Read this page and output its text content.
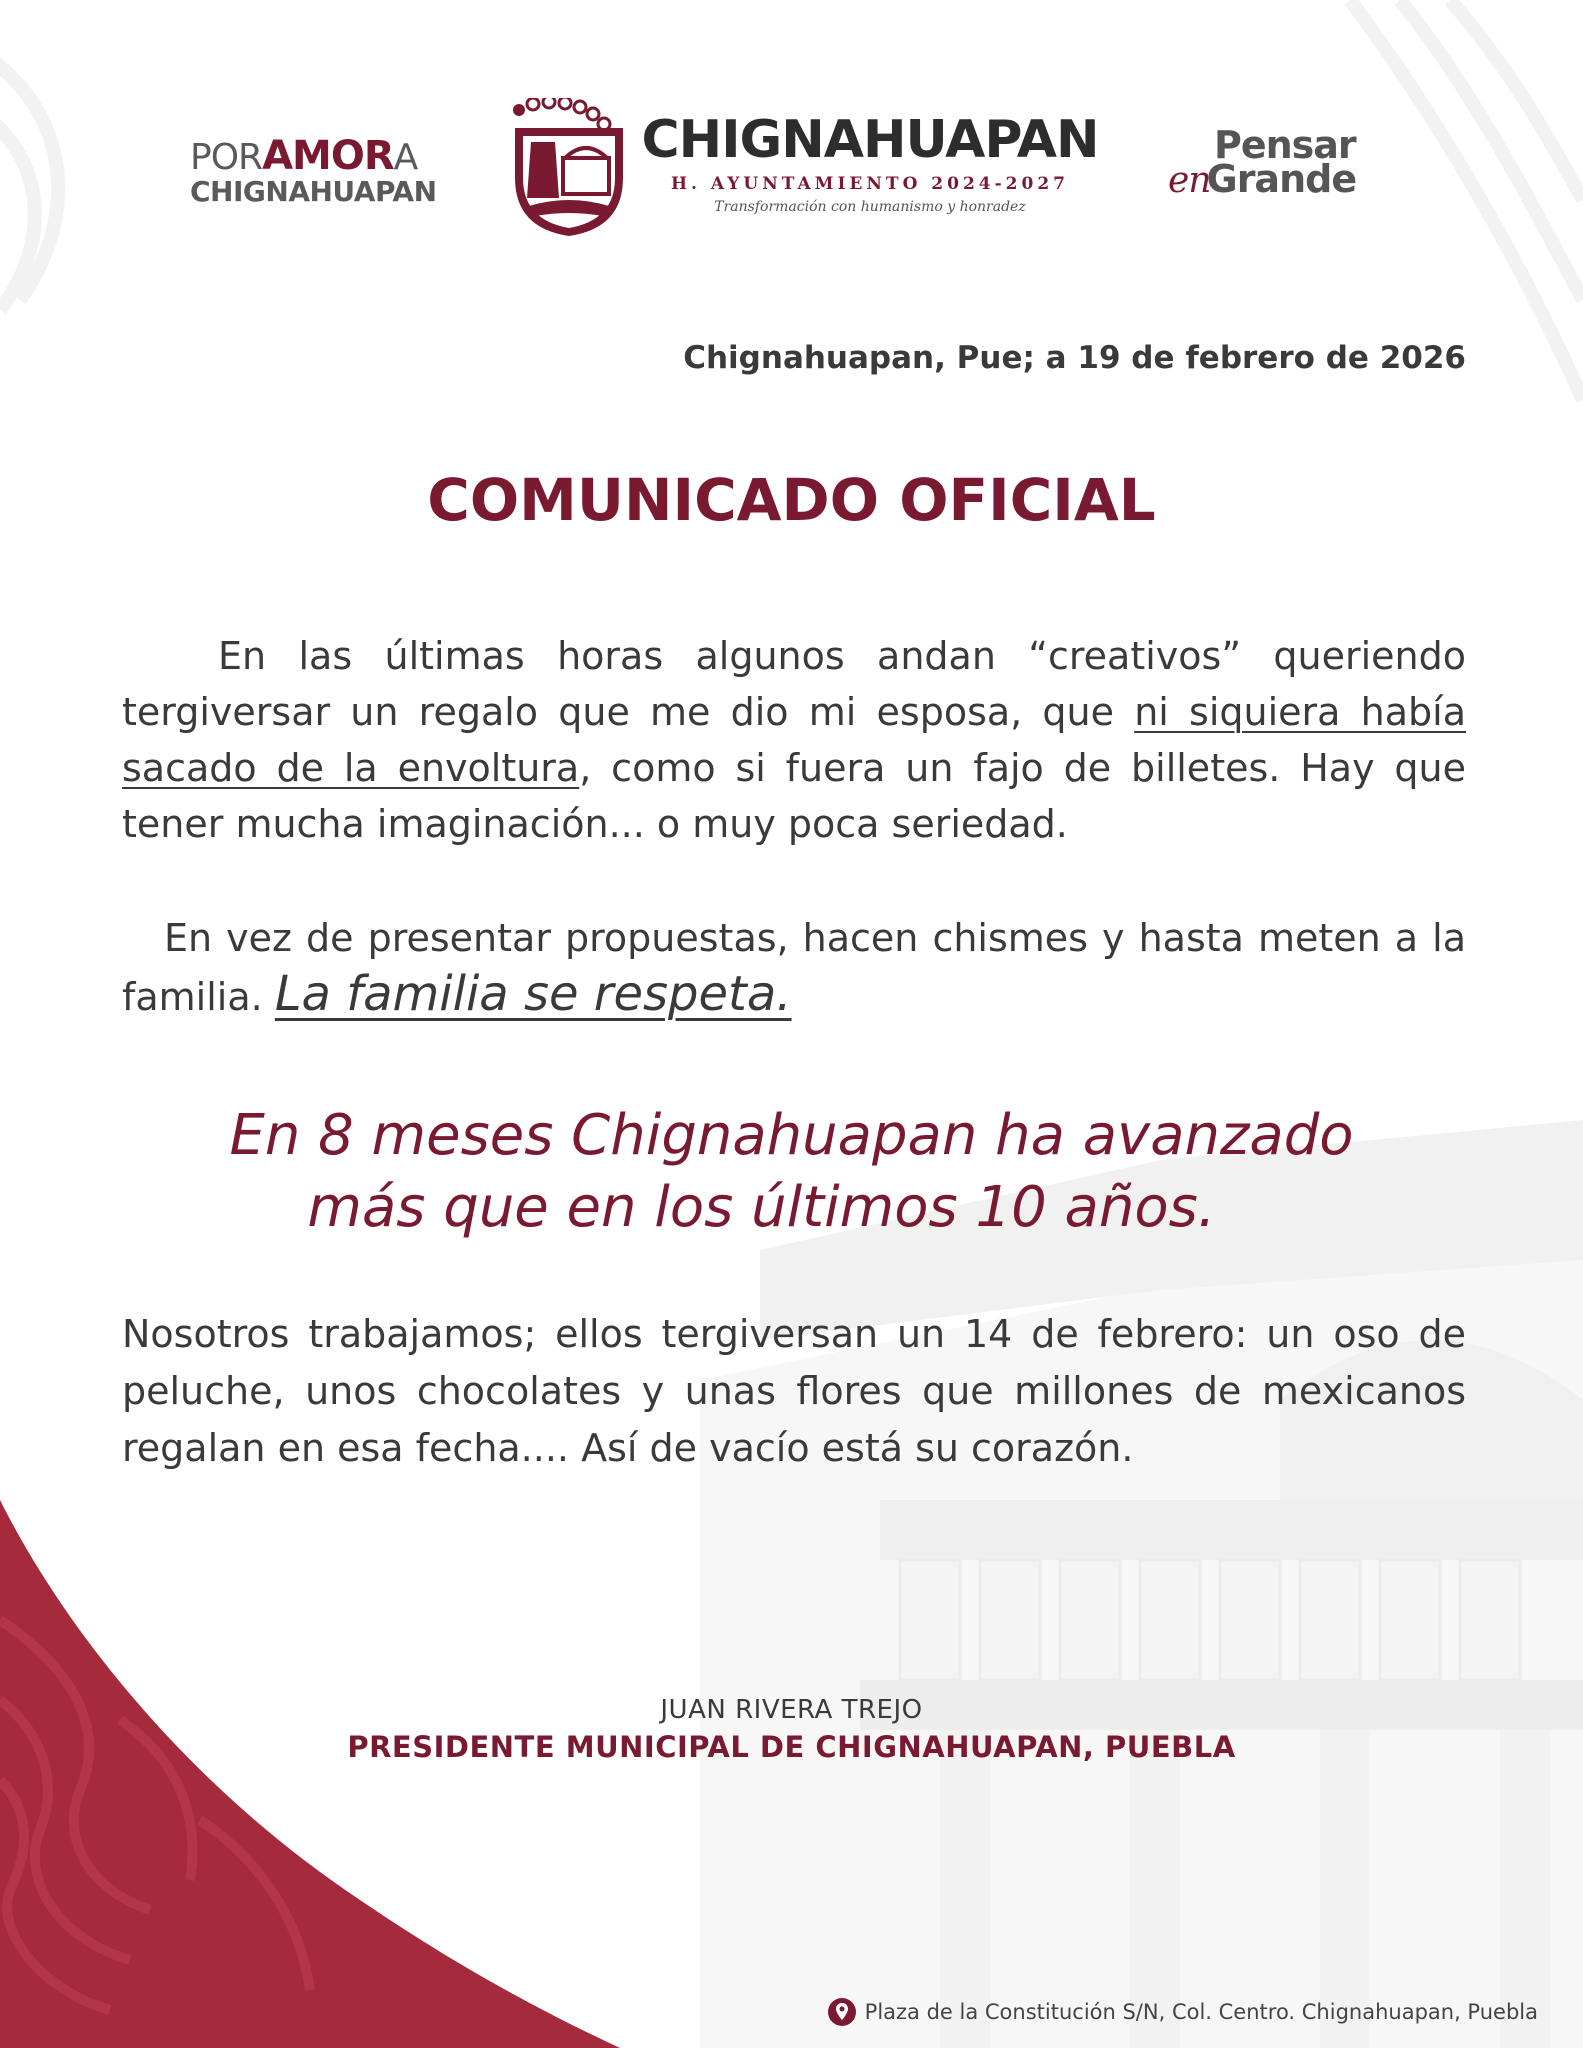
PORAMORA
CHIGNAHUAPAN
CHIGNAHUAPAN
H. AYUNTAMIENTO 2024-2027
Transformación con humanismo y honradez
Pensar
enGrande
Chignahuapan, Pue; a 19 de febrero de 2026
COMUNICADO OFICIAL
En las últimas horas algunos andan “creativos” queriendo tergiversar un regalo que me dio mi esposa, que ni siquiera había sacado de la envoltura, como si fuera un fajo de billetes. Hay que tener mucha imaginación... o muy poca seriedad.
En vez de presentar propuestas, hacen chismes y hasta meten a la familia. La familia se respeta.
En 8 meses Chignahuapan ha avanzado
más que en los últimos 10 años.
Nosotros trabajamos; ellos tergiversan un 14 de febrero: un oso de peluche, unos chocolates y unas flores que millones de mexicanos regalan en esa fecha.... Así de vacío está su corazón.
JUAN RIVERA TREJO
PRESIDENTE MUNICIPAL DE CHIGNAHUAPAN, PUEBLA
Plaza de la Constitución S/N, Col. Centro. Chignahuapan, Puebla
